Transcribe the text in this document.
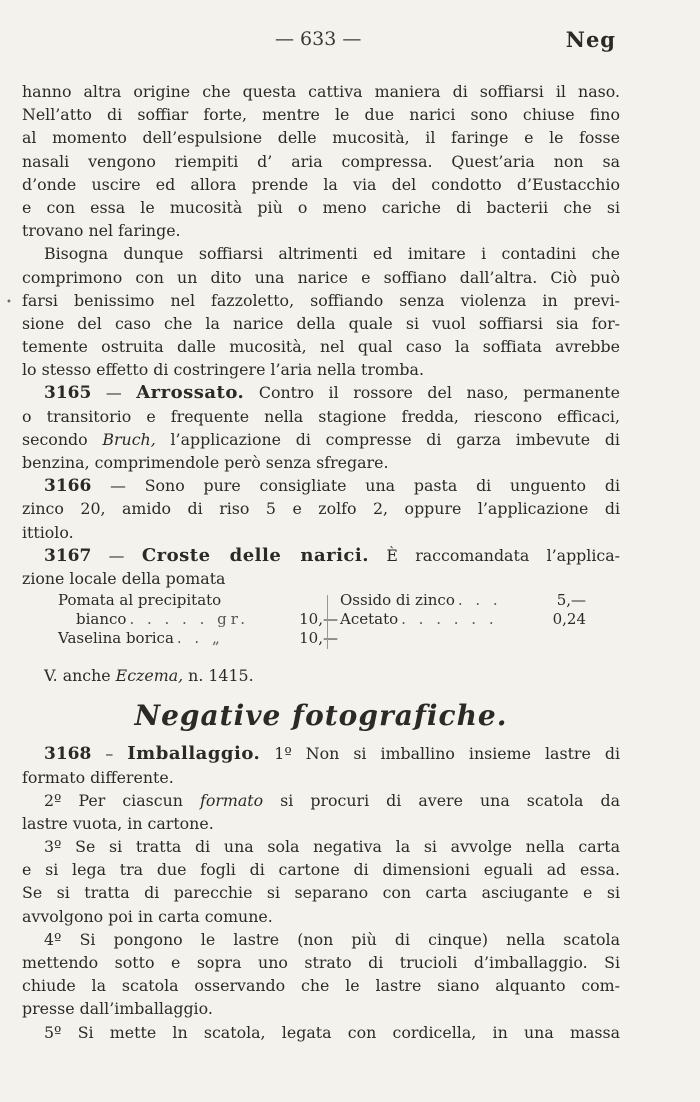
— 633 —	Neg
•
hanno altra origine che questa cattiva maniera di soffiarsi il naso.
Nell’atto di soffiar forte, mentre le due narici sono chiuse fino
al momento dell’espulsione delle mucosità, il faringe e le fosse
nasali vengono riempiti d’ aria compressa. Quest’aria non sa
d’onde uscire ed allora prende la via del condotto d’Eustacchio
e con essa le mucosità più o meno cariche di bacterii che si
trovano nel faringe.
Bisogna dunque soffiarsi altrimenti ed imitare i contadini che
comprimono con un dito una narice e soffiano dall’altra. Ciò può
farsi benissimo nel fazzoletto, soffiando senza violenza in previ-
sione del caso che la narice della quale si vuol soffiarsi sia for-
temente ostruita dalle mucosità, nel qual caso la soffiata avrebbe
lo stesso effetto di costringere l’aria nella tromba.
3165 — Arrossato. Contro il rossore del naso, permanente
o transitorio e frequente nella stagione fredda, riescono efficaci,
secondo Bruch, l’applicazione di compresse di garza imbevute di
benzina, comprimendole però senza sfregare.
3166 — Sono pure consigliate una pasta di unguento di
zinco 20, amido di riso 5 e zolfo 2, oppure l’applicazione di
ittiolo.
3167 — Croste delle narici. È raccomandata l’applica-
zione locale della pomata
Pomata al precipitato
bianco . . . . . gr.	10,—
Vaselina borica . . „	10,—
Ossido di zinco . . .	5,—
Acetato . . . . . .	0,24
V. anche Eczema, n. 1415.
Negative fotografiche.
3168 – Imballaggio. 1º Non si imballino insieme lastre di
formato differente.
2º Per ciascun formato si procuri di avere una scatola da
lastre vuota, in cartone.
3º Se si tratta di una sola negativa la si avvolge nella carta
e si lega tra due fogli di cartone di dimensioni eguali ad essa.
Se si tratta di parecchie si separano con carta asciugante e si
avvolgono poi in carta comune.
4º Si pongono le lastre (non più di cinque) nella scatola
mettendo sotto e sopra uno strato di trucioli d’imballaggio. Si
chiude la scatola osservando che le lastre siano alquanto com-
presse dall’imballaggio.
5º Si mette ln scatola, legata con cordicella, in una massa
